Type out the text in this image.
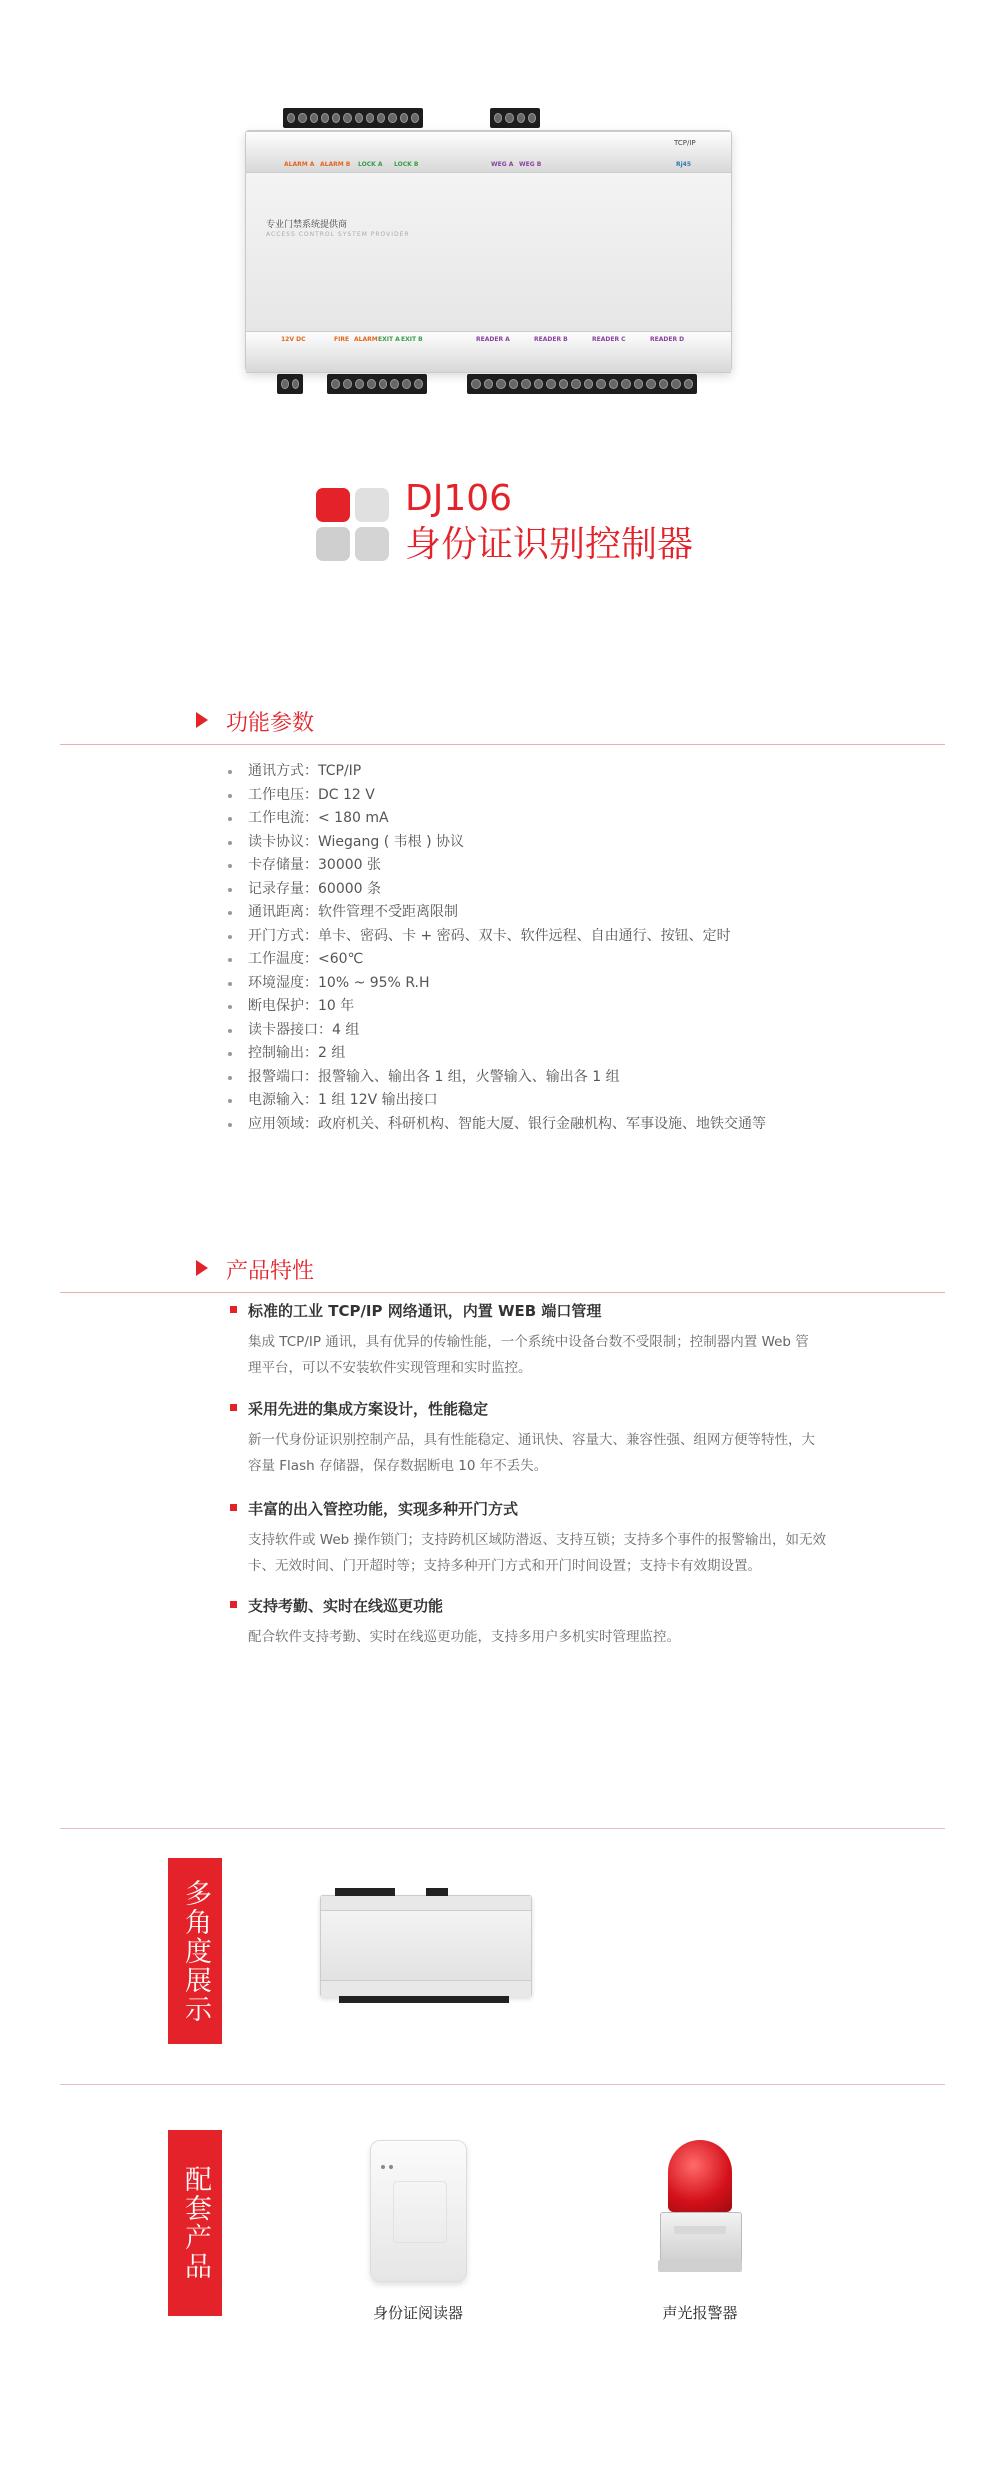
ALARM A ALARM B LOCK A LOCK B	WEG A WEG B
TCP/IP
Rj45
专业门禁系统提供商
ACCESS CONTROL SYSTEM PROVIDER
12V DC	FIRE ALARM EXIT A EXIT B	READER A	READER B	READER C	READER D
DJ106
身份证识别控制器
功能参数
通讯方式：TCP/IP
工作电压：DC 12 V
工作电流：< 180 mA
读卡协议：Wiegang ( 韦根 ) 协议
卡存储量：30000 张
记录存量：60000 条
通讯距离：软件管理不受距离限制
开门方式：单卡、密码、卡 + 密码、双卡、软件远程、自由通行、按钮、定时
工作温度：<60℃
环境湿度：10% ~ 95% R.H
断电保护：10 年
读卡器接口：4 组
控制输出：2 组
报警端口：报警输入、输出各 1 组，火警输入、输出各 1 组
电源输入：1 组 12V 输出接口
应用领域：政府机关、科研机构、智能大厦、银行金融机构、军事设施、地铁交通等
产品特性

标准的工业 TCP/IP 网络通讯，内置 WEB 端口管理

集成 TCP/IP 通讯，具有优异的传输性能，一个系统中设备台数不受限制；控制器内置 Web 管

理平台，可以不安装软件实现管理和实时监控。

采用先进的集成方案设计，性能稳定

新一代身份证识别控制产品，具有性能稳定、通讯快、容量大、兼容性强、组网方便等特性，大

容量 Flash 存储器，保存数据断电 10 年不丢失。

丰富的出入管控功能，实现多种开门方式

支持软件或 Web 操作锁门；支持跨机区域防潜返、支持互锁；支持多个事件的报警输出，如无效

卡、无效时间、门开超时等；支持多种开门方式和开门时间设置；支持卡有效期设置。

支持考勤、实时在线巡更功能

配合软件支持考勤、实时在线巡更功能，支持多用户多机实时管理监控。

多角度展示
配套产品
身份证阅读器	声光报警器
